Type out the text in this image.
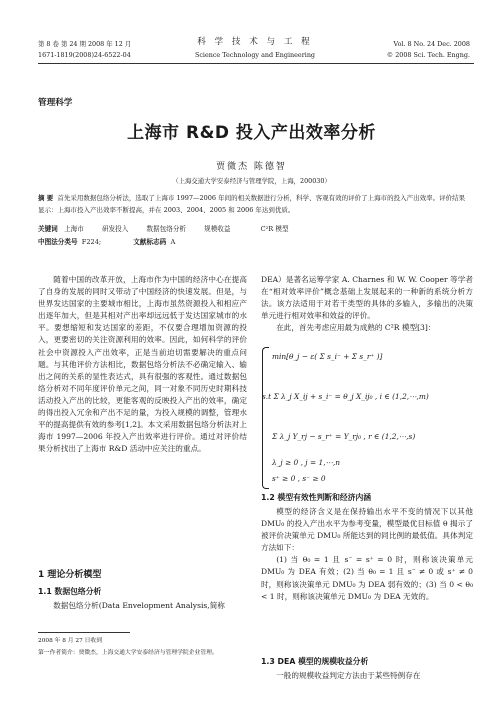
第 8 卷 第 24 期 2008 年 12 月
1671-1819(2008)24-6522-04
科 学 技 术 与 工 程
Science Technology and Engineering
Vol. 8 No. 24 Dec. 2008
© 2008 Sci. Tech. Engng.
管理科学
上海市 R&D 投入产出效率分析
贾微杰 陈德智
（上海交通大学安泰经济与管理学院，上海，200030）
摘 要 首先采用数据包络分析法，选取了上海市 1997—2006 年间的相关数据进行分析，科学、客观有效的评价了上海市的投入产出效率。评价结果显示：上海市投入产出效率不断提高，并在 2003、2004、2005 和 2006 年达到优质。
关键词 上海市	研发投入	数据包络分析	规模收益	C²R 模型
中图法分类号 F224;	文献标志码 A

随着中国的改革开放，上海市作为中国的经济中心在提高了自身的发展的同时又带动了中国经济的快速发展。但是，与世界发达国家的主要城市相比，上海市虽然资源投入和相应产出逐年加大，但是其相对产出率却远远低于发达国家城市的水平。要想缩短和发达国家的差距，不仅要合理增加资源的投入，更要密切的关注资源利用的效率。因此，如何科学的评价社会中资源投入产出效率，正是当前迫切需要解决的重点问题。与其他评价方法相比，数据包络分析法不必确定输入、输出之间的关系的显性表达式，具有很强的客观性。通过数据包络分析对不同年度评价单元之间，同一对象不同历史时期科技活动投入产出的比较，更能客观的反映投入产出的效率，确定的得出投入冗余和产出不足的量，为投入规模的调整，管理水平的提高提供有效的参考[1,2]。本文采用数据包络分析法对上海市 1997—2006 年投入产出效率进行评价。通过对评价结果分析找出了上海市 R&D 活动中应关注的重点。

1 理论分析模型
1.1 数据包络分析

数据包络分析(Data Envelopment Analysis,简称

2008 年 8 月 27 日收到
第一作者简介：贾微杰，上海交通大学安泰经济与管理学院企业管理。

DEA）是著名运筹学家 A. Charnes 和 W. W. Cooper 等学者在“相对效率评价”概念基础上发展起来的一种新的系统分析方法。该方法适用于对若干类型的具体的多输入，多输出的决策单元进行相对效率和效益的评价。

在此，首先考虑应用最为成熟的 C²R 模型[3]：

min[θ_j − ε( Σ s_i⁻ + Σ s_r⁺ )]
s.t Σ λ_j X_ij + s_i⁻ = θ_j X_ij₀ , i ∈ (1,2,⋯,m)
Σ λ_j Y_rj − s_r⁺ = Y_rj₀ , r ∈ (1,2,⋯,s)
λ_j ≥ 0 , j = 1,⋯,n
s⁺ ≥ 0 , s⁻ ≥ 0
1.2 模型有效性判断和经济内涵

模型的经济含义是在保持输出水平不变的情况下以其他 DMU₀ 的投入产出水平为参考变量，模型最优目标值 θ 揭示了被评价决策单元 DMU₀ 所能达到的同比例的最低值。具体判定方法如下：

(1) 当 θ₀ = 1 且 s⁻ = s⁺ = 0 时，则称该决策单元 DMU₀ 为 DEA 有效；(2) 当 θ₀ = 1 且 s⁻ ≠ 0 或 s⁺ ≠ 0 时，则称该决策单元 DMU₀ 为 DEA 弱有效的；(3) 当 0 < θ₀ < 1 时，则称该决策单元 DMU₀ 为 DEA 无效的。

1.3 DEA 模型的规模收益分析

一般的规模收益判定方法由于某些特例存在
